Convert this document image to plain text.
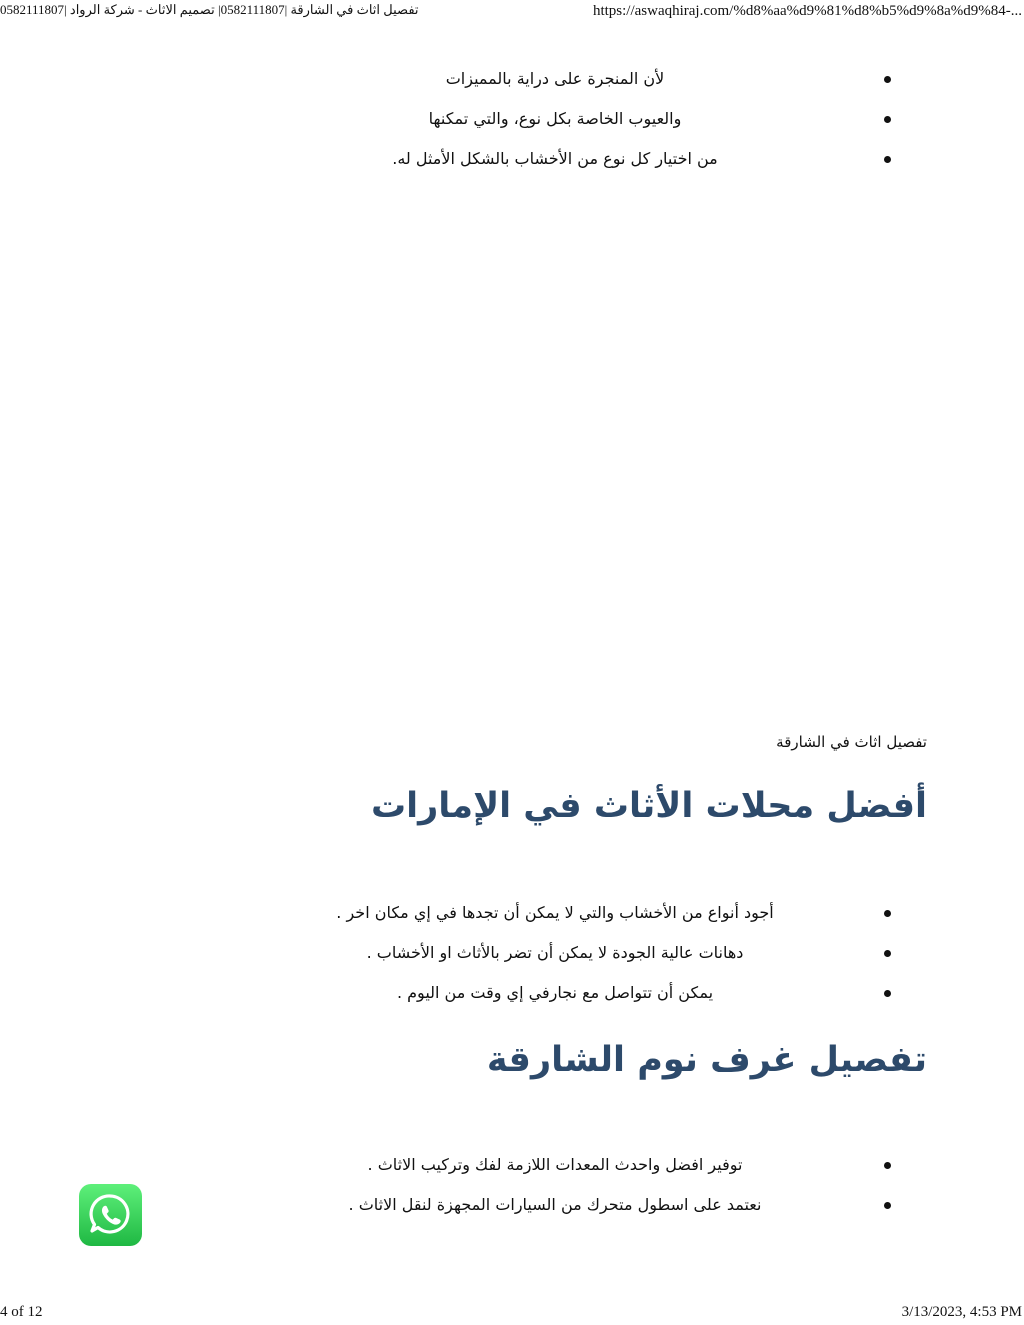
تفصيل اثاث في الشارقة |0582111807| تصميم الاثاث - شركة الرواد |0582111807	https://aswaqhiraj.com/%d8%aa%d9%81%d8%b5%d9%8a%d9%84-...
لأن المنجرة على دراية بالمميزات
والعيوب الخاصة بكل نوع، والتي تمكنها
من اختيار كل نوع من الأخشاب بالشكل الأمثل له.
تفصيل اثاث في الشارقة
أفضل محلات الأثاث في الإمارات
أجود أنواع من الأخشاب والتي لا يمكن أن تجدها في إي مكان اخر .
دهانات عالية الجودة لا يمكن أن تضر بالأثاث او الأخشاب .
يمكن أن تتواصل مع نجارفي إي وقت من اليوم .
تفصيل غرف نوم الشارقة
توفير افضل واحدث المعدات اللازمة لفك وتركيب الاثاث .
نعتمد على اسطول متحرك من السيارات المجهزة لنقل الاثاث .
4 of 12	3/13/2023, 4:53 PM
